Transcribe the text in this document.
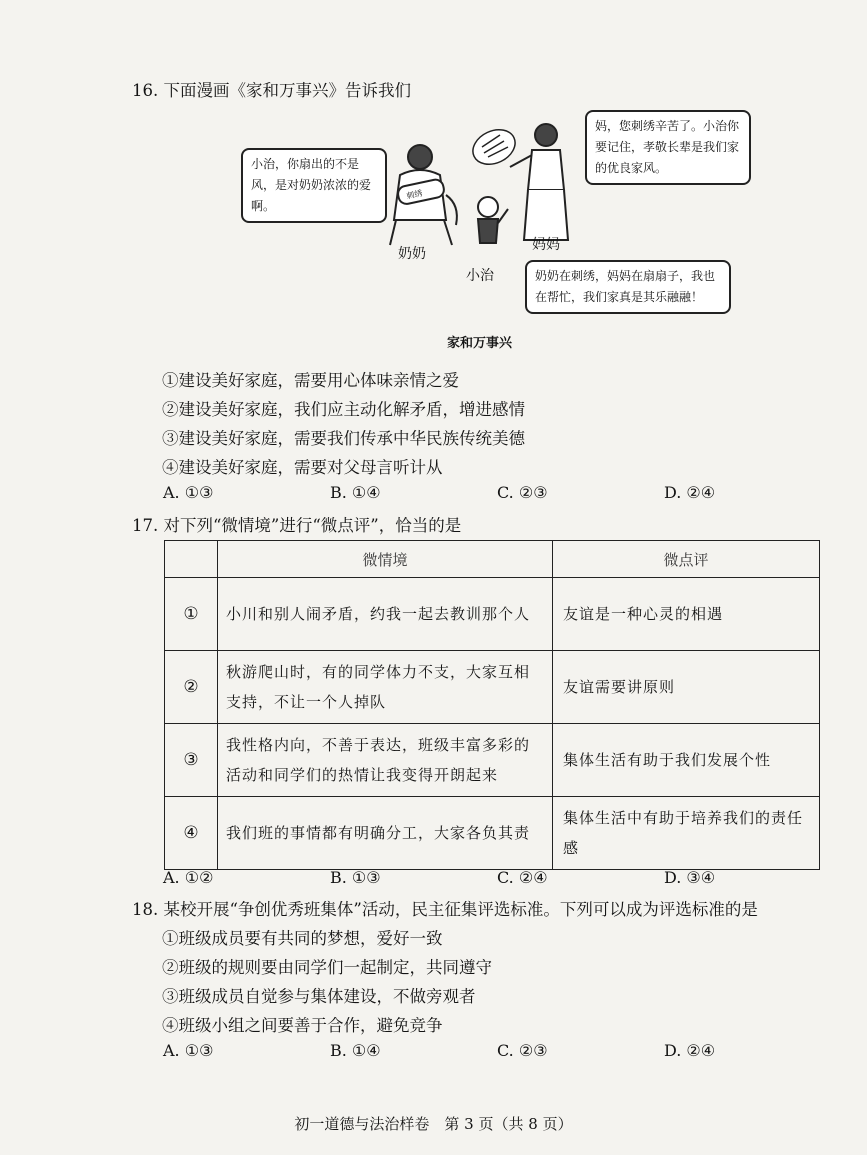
16. 下面漫画《家和万事兴》告诉我们
刺绣
小治，你扇出的不是风，是对奶奶浓浓的爱啊。
妈，您刺绣辛苦了。小治你要记住，孝敬长辈是我们家的优良家风。
奶奶在刺绣，妈妈在扇扇子，我也在帮忙，我们家真是其乐融融！
奶奶
妈妈
小治
家和万事兴
①建设美好家庭，需要用心体味亲情之爱
②建设美好家庭，我们应主动化解矛盾，增进感情
③建设美好家庭，需要我们传承中华民族传统美德
④建设美好家庭，需要对父母言听计从
A. ①③	B. ①④	C. ②③	D. ②④
17. 对下列“微情境”进行“微点评”，恰当的是
	微情境	微点评
①	小川和别人闹矛盾，约我一起去教训那个人	友谊是一种心灵的相遇
②	秋游爬山时，有的同学体力不支，大家互相支持，不让一个人掉队	友谊需要讲原则
③	我性格内向，不善于表达，班级丰富多彩的活动和同学们的热情让我变得开朗起来	集体生活有助于我们发展个性
④	我们班的事情都有明确分工，大家各负其责	集体生活中有助于培养我们的责任感
A. ①②	B. ①③	C. ②④	D. ③④
18. 某校开展“争创优秀班集体”活动，民主征集评选标准。下列可以成为评选标准的是
①班级成员要有共同的梦想，爱好一致
②班级的规则要由同学们一起制定，共同遵守
③班级成员自觉参与集体建设，不做旁观者
④班级小组之间要善于合作，避免竞争
A. ①③	B. ①④	C. ②③	D. ②④
初一道德与法治样卷　第 3 页（共 8 页）
